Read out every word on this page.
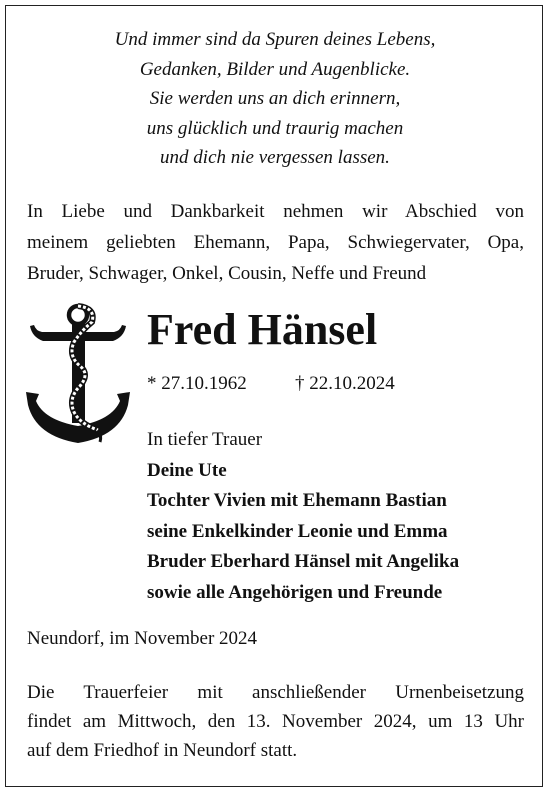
Und immer sind da Spuren deines Lebens,
Gedanken, Bilder und Augenblicke.
Sie werden uns an dich erinnern,
uns glücklich und traurig machen
und dich nie vergessen lassen.
In Liebe und Dankbarkeit nehmen wir Abschied von
meinem geliebten Ehemann, Papa, Schwiegervater, Opa,
Bruder, Schwager, Onkel, Cousin, Neffe und Freund
Fred Hänsel
* 27.10.1962	† 22.10.2024
In tiefer Trauer
Deine Ute
Tochter Vivien mit Ehemann Bastian
seine Enkelkinder Leonie und Emma
Bruder Eberhard Hänsel mit Angelika
sowie alle Angehörigen und Freunde
Neundorf, im November 2024
Die Trauerfeier mit anschließender Urnenbeisetzung
findet am Mittwoch, den 13. November 2024, um 13 Uhr
auf dem Friedhof in Neundorf statt.
